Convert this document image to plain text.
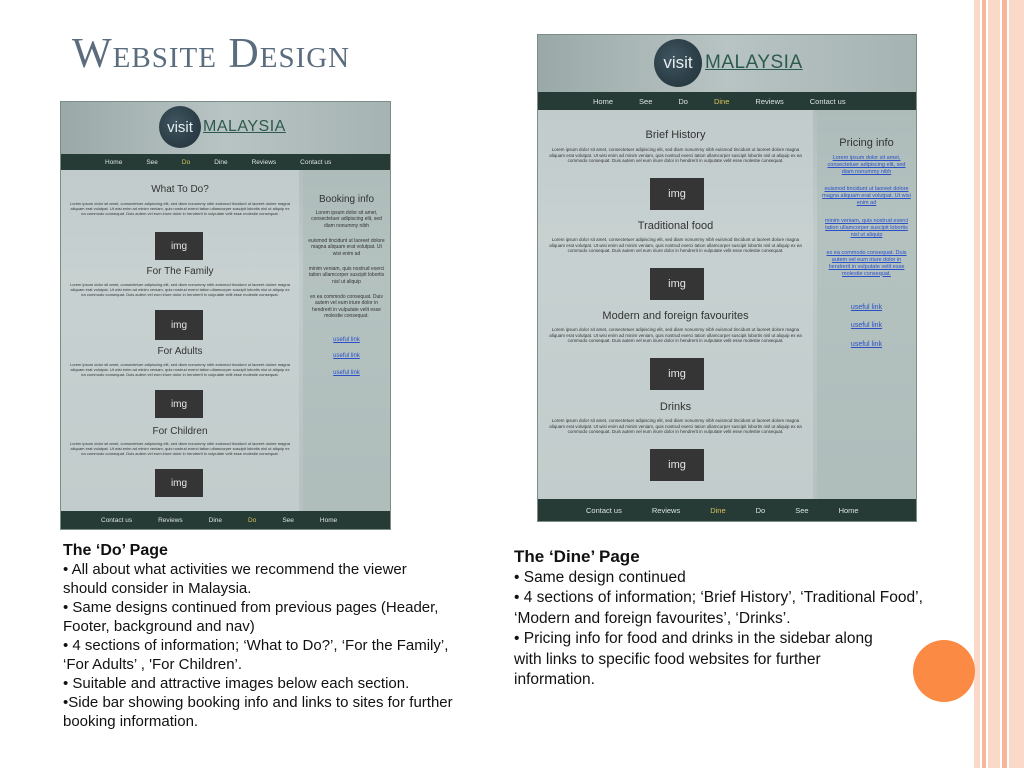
Website Design
visit MALAYSIA
Home	See	Do	Dine	Reviews	Contact us
What To Do?
Lorem ipsum dolor sit amet, consectetuer adipiscing elit, sed diam nonummy nibh euismod tincidunt ut laoreet dolore magna aliquam erat volutpat. Ut wisi enim ad minim veniam, quis nostrud exerci tation ullamcorper suscipit lobortis nisl ut aliquip ex ea commodo consequat. Duis autem vel eum iriure dolor in hendrerit in vulputate velit esse molestie consequat.
img
For The Family
Lorem ipsum dolor sit amet, consectetuer adipiscing elit, sed diam nonummy nibh euismod tincidunt ut laoreet dolore magna aliquam erat volutpat. Ut wisi enim ad minim veniam, quis nostrud exerci tation ullamcorper suscipit lobortis nisl ut aliquip ex ea commodo consequat. Duis autem vel eum iriure dolor in hendrerit in vulputate velit esse molestie consequat.
img
For Adults
Lorem ipsum dolor sit amet, consectetuer adipiscing elit, sed diam nonummy nibh euismod tincidunt ut laoreet dolore magna aliquam erat volutpat. Ut wisi enim ad minim veniam, quis nostrud exerci tation ullamcorper suscipit lobortis nisl ut aliquip ex ea commodo consequat. Duis autem vel eum iriure dolor in hendrerit in vulputate velit esse molestie consequat.
img
For Children
Lorem ipsum dolor sit amet, consectetuer adipiscing elit, sed diam nonummy nibh euismod tincidunt ut laoreet dolore magna aliquam erat volutpat. Ut wisi enim ad minim veniam, quis nostrud exerci tation ullamcorper suscipit lobortis nisl ut aliquip ex ea commodo consequat. Duis autem vel eum iriure dolor in hendrerit in vulputate velit esse molestie consequat.
img
Booking info
Lorem ipsum dolor sit amet, consectetuer adipiscing elit, sed diam nonummy nibh
euismod tincidunt ut laoreet dolore magna aliquam erat volutpat. Ut wisi enim ad
minim veniam, quis nostrud exerci tation ullamcorper suscipit lobortis nisl ut aliquip
ex ea commodo consequat. Duis autem vel eum iriure dolor in hendrerit in vulputate velit esse molestie consequat.
useful link
useful link
useful link
Contact us	Reviews	Dine	Do	See	Home
visit MALAYSIA
Home	See	Do	Dine	Reviews	Contact us
Brief History
Lorem ipsum dolor sit amet, consectetuer adipiscing elit, sed diam nonummy nibh euismod tincidunt ut laoreet dolore magna aliquam erat volutpat. Ut wisi enim ad minim veniam, quis nostrud exerci tation ullamcorper suscipit lobortis nisl ut aliquip ex ea commodo consequat. Duis autem vel eum iriure dolor in hendrerit in vulputate velit esse molestie consequat.
img
Traditional food
Lorem ipsum dolor sit amet, consectetuer adipiscing elit, sed diam nonummy nibh euismod tincidunt ut laoreet dolore magna aliquam erat volutpat. Ut wisi enim ad minim veniam, quis nostrud exerci tation ullamcorper suscipit lobortis nisl ut aliquip ex ea commodo consequat. Duis autem vel eum iriure dolor in hendrerit in vulputate velit esse molestie consequat.
img
Modern and foreign favourites
Lorem ipsum dolor sit amet, consectetuer adipiscing elit, sed diam nonummy nibh euismod tincidunt ut laoreet dolore magna aliquam erat volutpat. Ut wisi enim ad minim veniam, quis nostrud exerci tation ullamcorper suscipit lobortis nisl ut aliquip ex ea commodo consequat. Duis autem vel eum iriure dolor in hendrerit in vulputate velit esse molestie consequat.
img
Drinks
Lorem ipsum dolor sit amet, consectetuer adipiscing elit, sed diam nonummy nibh euismod tincidunt ut laoreet dolore magna aliquam erat volutpat. Ut wisi enim ad minim veniam, quis nostrud exerci tation ullamcorper suscipit lobortis nisl ut aliquip ex ea commodo consequat. Duis autem vel eum iriure dolor in hendrerit in vulputate velit esse molestie consequat.
img
Pricing info
Lorem ipsum dolor sit amet, consectetuer adipiscing elit, sed diam nonummy nibh
euismod tincidunt ut laoreet dolore magna aliquam erat volutpat. Ut wisi enim ad
minim veniam, quis nostrud exerci tation ullamcorper suscipit lobortis nisl ut aliquip
ex ea commodo consequat. Duis autem vel eum iriure dolor in hendrerit in vulputate velit esse molestie consequat.
useful link
useful link
useful link
Contact us	Reviews	Dine	Do	See	Home
The ‘Do’ Page

• All about what activities we recommend the viewer should consider in Malaysia.

• Same designs continued from previous pages (Header, Footer, background and nav)

• 4 sections of information; ‘What to Do?’, ‘For the Family’, ‘For Adults’ , 'For Children’.

• Suitable and attractive images below each section.

•Side bar showing booking info and links to sites for further booking information.

The ‘Dine’ Page

• Same design continued

• 4 sections of information; ‘Brief History’, ‘Traditional Food’, ‘Modern and foreign favourites’, ‘Drinks’.

• Pricing info for food and drinks in the sidebar along with links to specific food websites for further information.
